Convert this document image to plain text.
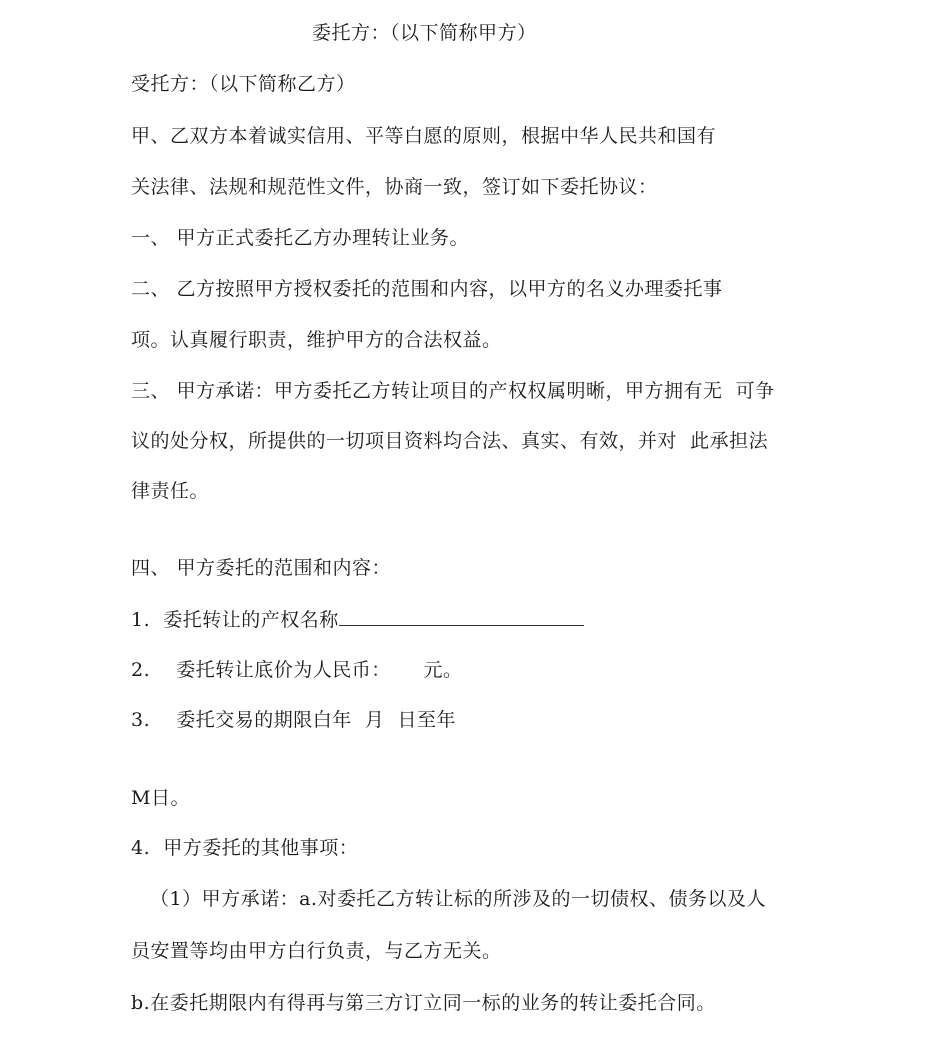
委托方：（以下简称甲方）
受托方：（以下简称乙方）
甲、乙双方本着诚实信用、平等白愿的原则，根据中华人民共和国有
关法律、法规和规范性文件，协商一致，签订如下委托协议：
一、 甲方正式委托乙方办理转让业务。
二、 乙方按照甲方授权委托的范围和内容，以甲方的名义办理委托事
项。认真履行职责，维护甲方的合法权益。
三、 甲方承诺：甲方委托乙方转让项目的产权权属明晰，甲方拥有无  可争
议的处分权，所提供的一切项目资料均合法、真实、有效，并对  此承担法
律责任。
四、 甲方委托的范围和内容：
1.  委托转让的产权名称
2.    委托转让底价为人民币：     元。
3.    委托交易的期限白年  月  日至年
M日。
4.  甲方委托的其他事项：
（1）甲方承诺：a.对委托乙方转让标的所涉及的一切债权、债务以及人
员安置等均由甲方白行负责，与乙方无关。
b.在委托期限内有得再与第三方订立同一标的业务的转让委托合同。
